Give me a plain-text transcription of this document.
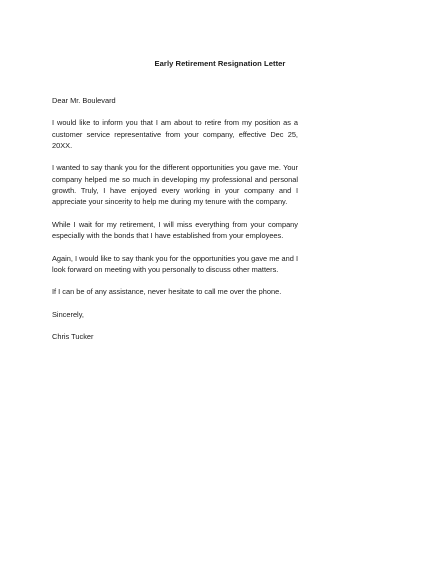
Early Retirement Resignation Letter

Dear Mr. Boulevard

I would like to inform you that I am about to retire from my position as a customer service representative from your company, effective Dec 25, 20XX.

I wanted to say thank you for the different opportunities you gave me. Your company helped me so much in developing my professional and personal growth. Truly, I have enjoyed every working in your company and I appreciate your sincerity to help me during my tenure with the company.

While I wait for my retirement, I will miss everything from your company especially with the bonds that I have established from your employees.

Again, I would like to say thank you for the opportunities you gave me and I look forward on meeting with you personally to discuss other matters.

If I can be of any assistance, never hesitate to call me over the phone.

Sincerely,

Chris Tucker
